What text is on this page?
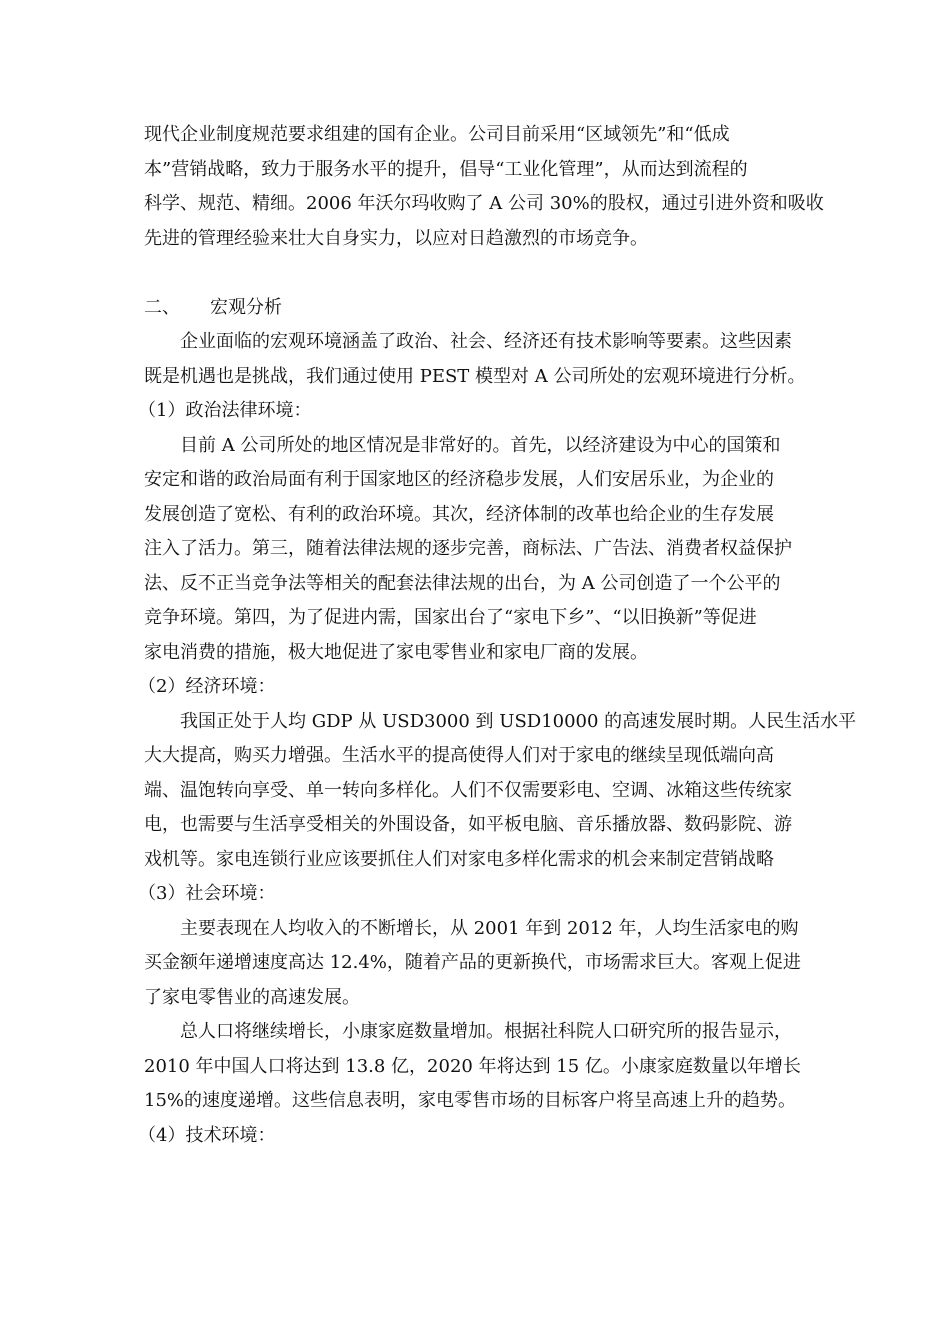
现代企业制度规范要求组建的国有企业。公司目前采用“区域领先”和“低成
本”营销战略，致力于服务水平的提升，倡导“工业化管理”，从而达到流程的
科学、规范、精细。2006 年沃尔玛收购了 A 公司 30%的股权，通过引进外资和吸收
先进的管理经验来壮大自身实力，以应对日趋激烈的市场竞争。
二、 宏观分析
企业面临的宏观环境涵盖了政治、社会、经济还有技术影响等要素。这些因素
既是机遇也是挑战，我们通过使用 PEST 模型对 A 公司所处的宏观环境进行分析。
（1）政治法律环境：
目前 A 公司所处的地区情况是非常好的。首先，以经济建设为中心的国策和
安定和谐的政治局面有利于国家地区的经济稳步发展，人们安居乐业，为企业的
发展创造了宽松、有利的政治环境。其次，经济体制的改革也给企业的生存发展
注入了活力。第三，随着法律法规的逐步完善，商标法、广告法、消费者权益保护
法、反不正当竞争法等相关的配套法律法规的出台，为 A 公司创造了一个公平的
竞争环境。第四，为了促进内需，国家出台了“家电下乡”、“以旧换新”等促进
家电消费的措施，极大地促进了家电零售业和家电厂商的发展。
（2）经济环境：
我国正处于人均 GDP 从 USD3000 到 USD10000 的高速发展时期。人民生活水平
大大提高，购买力增强。生活水平的提高使得人们对于家电的继续呈现低端向高
端、温饱转向享受、单一转向多样化。人们不仅需要彩电、空调、冰箱这些传统家
电，也需要与生活享受相关的外围设备，如平板电脑、音乐播放器、数码影院、游
戏机等。家电连锁行业应该要抓住人们对家电多样化需求的机会来制定营销战略
（3）社会环境：
主要表现在人均收入的不断增长，从 2001 年到 2012 年，人均生活家电的购
买金额年递增速度高达 12.4%，随着产品的更新换代，市场需求巨大。客观上促进
了家电零售业的高速发展。
总人口将继续增长，小康家庭数量增加。根据社科院人口研究所的报告显示，
2010 年中国人口将达到 13.8 亿，2020 年将达到 15 亿。小康家庭数量以年增长
15%的速度递增。这些信息表明，家电零售市场的目标客户将呈高速上升的趋势。
（4）技术环境：
